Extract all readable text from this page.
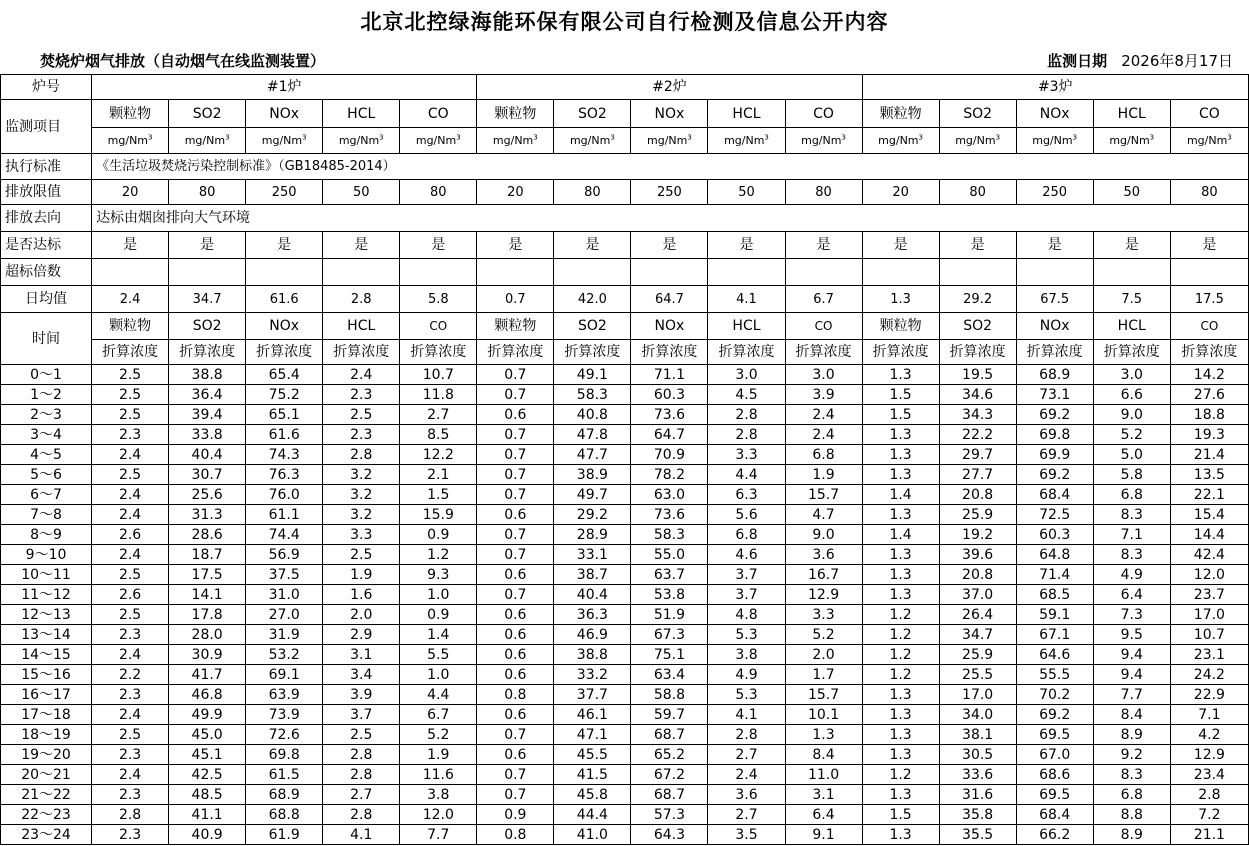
北京北控绿海能环保有限公司自行检测及信息公开内容
焚烧炉烟气排放（自动烟气在线监测装置）	监测日期 2026年8月17日
炉号	#1炉					#2炉					#3炉				
监测项目	颗粒物	SO2	NOx	HCL	CO	颗粒物	SO2	NOx	HCL	CO	颗粒物	SO2	NOx	HCL	CO
	mg/Nm$^3$	mg/Nm$^3$	mg/Nm$^3$	mg/Nm$^3$	mg/Nm$^3$	mg/Nm$^3$	mg/Nm$^3$	mg/Nm$^3$	mg/Nm$^3$	mg/Nm$^3$	mg/Nm$^3$	mg/Nm$^3$	mg/Nm$^3$	mg/Nm$^3$	mg/Nm$^3$
执行标准	《生活垃圾焚烧污染控制标准》（GB18485-2014）														
排放限值	20	80	250	50	80	20	80	250	50	80	20	80	250	50	80
排放去向	达标由烟囱排向大气环境														
是否达标	是	是	是	是	是	是	是	是	是	是	是	是	是	是	是
超标倍数															
日均值	2.4	34.7	61.6	2.8	5.8	0.7	42.0	64.7	4.1	6.7	1.3	29.2	67.5	7.5	17.5
时间	颗粒物	SO2	NOx	HCL	CO	颗粒物	SO2	NOx	HCL	CO	颗粒物	SO2	NOx	HCL	CO
	折算浓度	折算浓度	折算浓度	折算浓度	折算浓度	折算浓度	折算浓度	折算浓度	折算浓度	折算浓度	折算浓度	折算浓度	折算浓度	折算浓度	折算浓度
0～1	2.5	38.8	65.4	2.4	10.7	0.7	49.1	71.1	3.0	3.0	1.3	19.5	68.9	3.0	14.2
1～2	2.5	36.4	75.2	2.3	11.8	0.7	58.3	60.3	4.5	3.9	1.5	34.6	73.1	6.6	27.6
2～3	2.5	39.4	65.1	2.5	2.7	0.6	40.8	73.6	2.8	2.4	1.5	34.3	69.2	9.0	18.8
3～4	2.3	33.8	61.6	2.3	8.5	0.7	47.8	64.7	2.8	2.4	1.3	22.2	69.8	5.2	19.3
4～5	2.4	40.4	74.3	2.8	12.2	0.7	47.7	70.9	3.3	6.8	1.3	29.7	69.9	5.0	21.4
5～6	2.5	30.7	76.3	3.2	2.1	0.7	38.9	78.2	4.4	1.9	1.3	27.7	69.2	5.8	13.5
6～7	2.4	25.6	76.0	3.2	1.5	0.7	49.7	63.0	6.3	15.7	1.4	20.8	68.4	6.8	22.1
7～8	2.4	31.3	61.1	3.2	15.9	0.6	29.2	73.6	5.6	4.7	1.3	25.9	72.5	8.3	15.4
8～9	2.6	28.6	74.4	3.3	0.9	0.7	28.9	58.3	6.8	9.0	1.4	19.2	60.3	7.1	14.4
9～10	2.4	18.7	56.9	2.5	1.2	0.7	33.1	55.0	4.6	3.6	1.3	39.6	64.8	8.3	42.4
10～11	2.5	17.5	37.5	1.9	9.3	0.6	38.7	63.7	3.7	16.7	1.3	20.8	71.4	4.9	12.0
11～12	2.6	14.1	31.0	1.6	1.0	0.7	40.4	53.8	3.7	12.9	1.3	37.0	68.5	6.4	23.7
12～13	2.5	17.8	27.0	2.0	0.9	0.6	36.3	51.9	4.8	3.3	1.2	26.4	59.1	7.3	17.0
13～14	2.3	28.0	31.9	2.9	1.4	0.6	46.9	67.3	5.3	5.2	1.2	34.7	67.1	9.5	10.7
14～15	2.4	30.9	53.2	3.1	5.5	0.6	38.8	75.1	3.8	2.0	1.2	25.9	64.6	9.4	23.1
15～16	2.2	41.7	69.1	3.4	1.0	0.6	33.2	63.4	4.9	1.7	1.2	25.5	55.5	9.4	24.2
16～17	2.3	46.8	63.9	3.9	4.4	0.8	37.7	58.8	5.3	15.7	1.3	17.0	70.2	7.7	22.9
17～18	2.4	49.9	73.9	3.7	6.7	0.6	46.1	59.7	4.1	10.1	1.3	34.0	69.2	8.4	7.1
18～19	2.5	45.0	72.6	2.5	5.2	0.7	47.1	68.7	2.8	1.3	1.3	38.1	69.5	8.9	4.2
19～20	2.3	45.1	69.8	2.8	1.9	0.6	45.5	65.2	2.7	8.4	1.3	30.5	67.0	9.2	12.9
20～21	2.4	42.5	61.5	2.8	11.6	0.7	41.5	67.2	2.4	11.0	1.2	33.6	68.6	8.3	23.4
21～22	2.3	48.5	68.9	2.7	3.8	0.7	45.8	68.7	3.6	3.1	1.3	31.6	69.5	6.8	2.8
22～23	2.8	41.1	68.8	2.8	12.0	0.9	44.4	57.3	2.7	6.4	1.5	35.8	68.4	8.8	7.2
23～24	2.3	40.9	61.9	4.1	7.7	0.8	41.0	64.3	3.5	9.1	1.3	35.5	66.2	8.9	21.1
